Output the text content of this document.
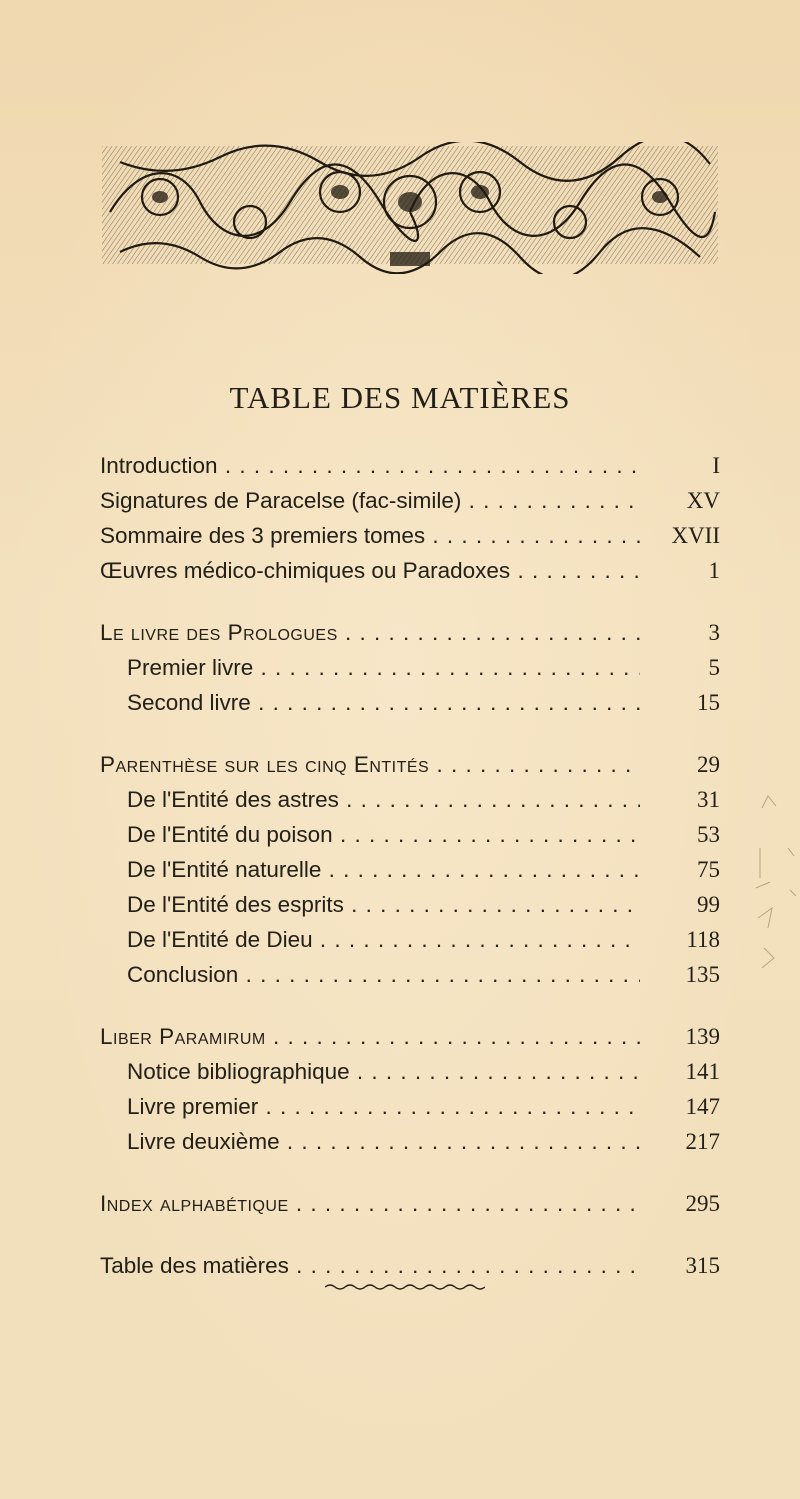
TABLE DES MATIÈRES
Introduction . . .	I
Signatures de Paracelse (fac-simile) . . .	XV
Sommaire des 3 premiers tomes . . .	XVII
Œuvres médico-chimiques ou Paradoxes . . .	1
Le livre des Prologues . . .	3
Premier livre . . .	5
Second livre . . .	15
Parenthèse sur les cinq Entités . . .	29
De l'Entité des astres . . .	31
De l'Entité du poison . . .	53
De l'Entité naturelle . . .	75
De l'Entité des esprits . . .	99
De l'Entité de Dieu . . .	118
Conclusion . . .	135
Liber Paramirum . . .	139
Notice bibliographique . . .	141
Livre premier . . .	147
Livre deuxième . . .	217
Index alphabétique . . .	295
Table des matières . . .	315
